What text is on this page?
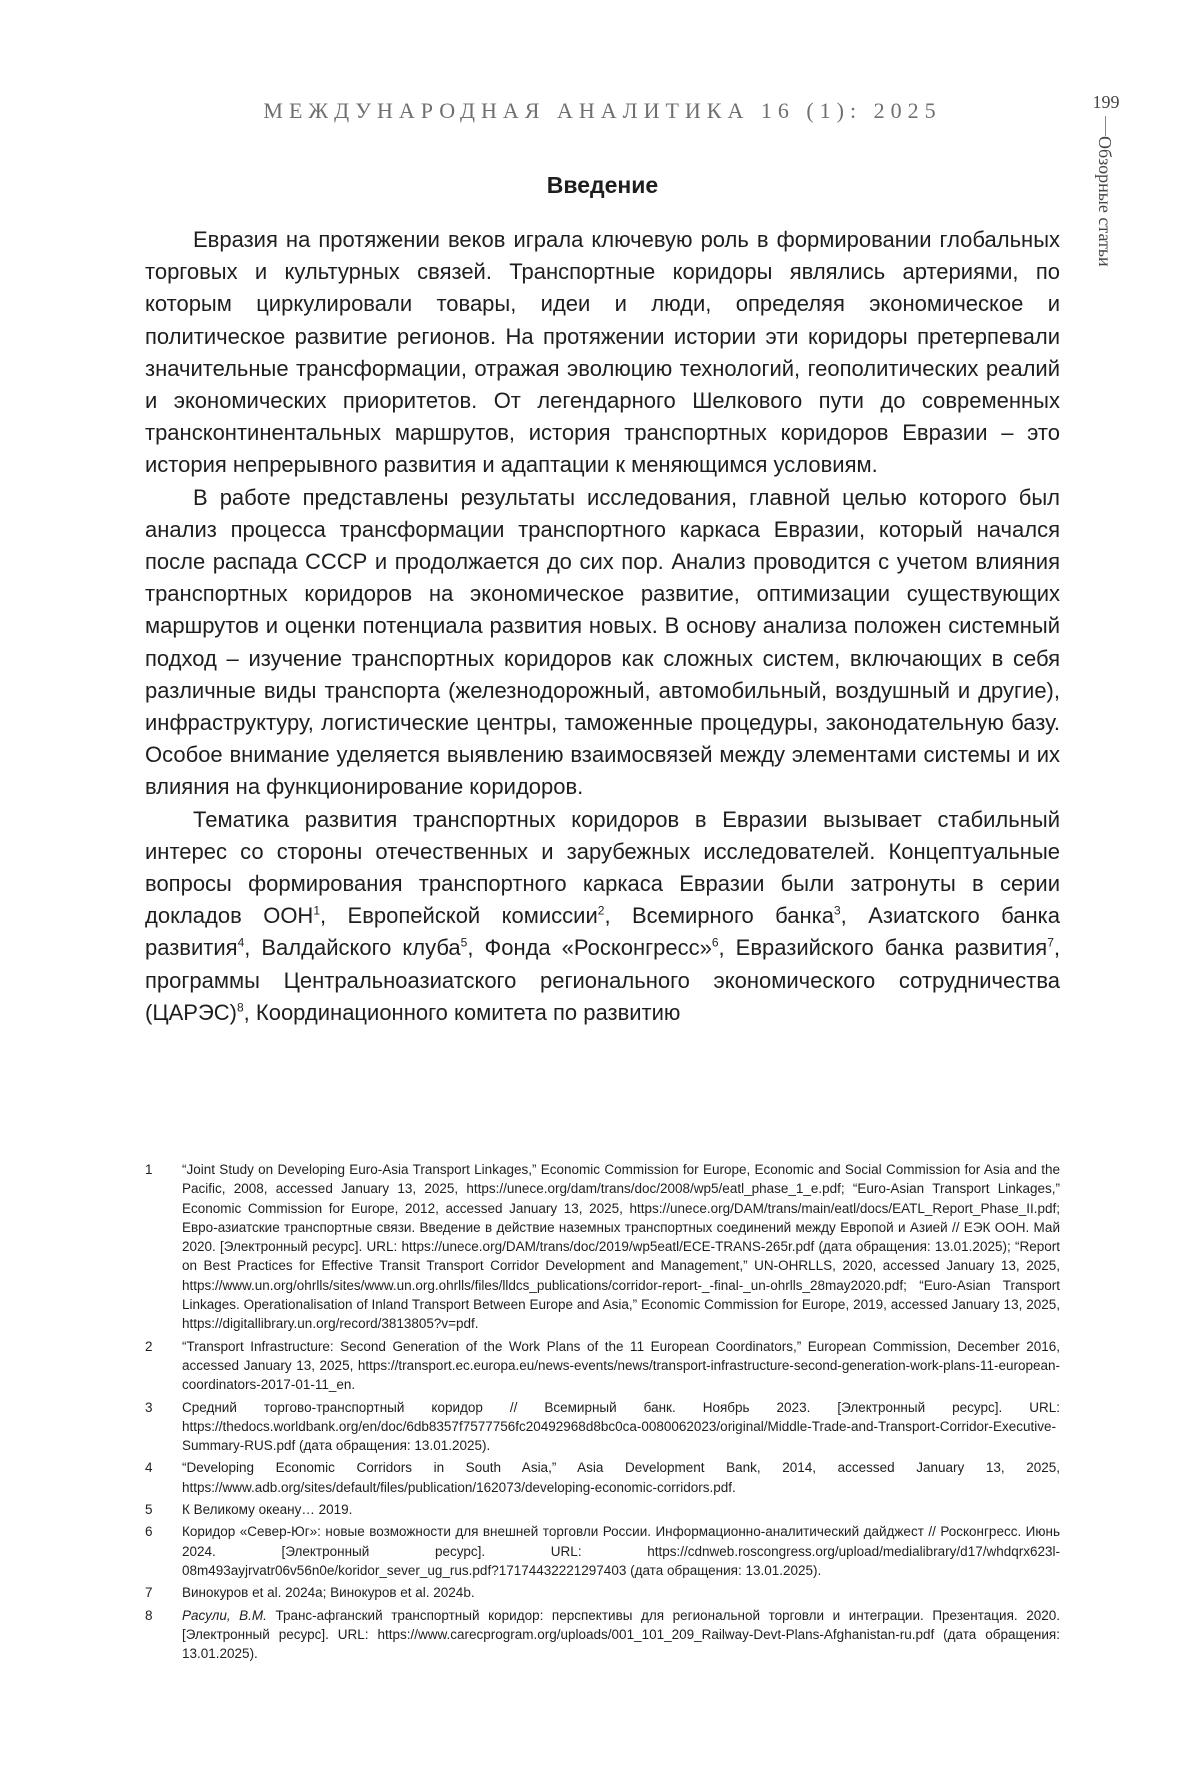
МЕЖДУНАРОДНАЯ АНАЛИТИКА 16 (1): 2025	199
Обзорные статьи
Введение

Евразия на протяжении веков играла ключевую роль в формировании глобальных торговых и культурных связей. Транспортные коридоры являлись артериями, по которым циркулировали товары, идеи и люди, определяя экономическое и политическое развитие регионов. На протяжении истории эти коридоры претерпевали значительные трансформации, отражая эволюцию технологий, геополитических реалий и экономических приоритетов. От легендарного Шелкового пути до современных трансконтинентальных маршрутов, история транспортных коридоров Евразии – это история непрерывного развития и адаптации к меняющимся условиям.

В работе представлены результаты исследования, главной целью которого был анализ процесса трансформации транспортного каркаса Евразии, который начался после распада СССР и продолжается до сих пор. Анализ проводится с учетом влияния транспортных коридоров на экономическое развитие, оптимизации существующих маршрутов и оценки потенциала развития новых. В основу анализа положен системный подход – изучение транспортных коридоров как сложных систем, включающих в себя различные виды транспорта (железнодорожный, автомобильный, воздушный и другие), инфраструктуру, логистические центры, таможенные процедуры, законодательную базу. Особое внимание уделяется выявлению взаимосвязей между элементами системы и их влияния на функционирование коридоров.

Тематика развития транспортных коридоров в Евразии вызывает стабильный интерес со стороны отечественных и зарубежных исследователей. Концептуальные вопросы формирования транспортного каркаса Евразии были затронуты в серии докладов ООН$^1$, Европейской комиссии$^2$, Всемирного банка$^3$, Азиатского банка развития$^4$, Валдайского клуба$^5$, Фонда «Росконгресс»$^6$, Евразийского банка развития$^7$, программы Центральноазиатского регионального экономического сотрудничества (ЦАРЭС)$^8$, Координационного комитета по развитию

1	“Joint Study on Developing Euro-Asia Transport Linkages,” Economic Commission for Europe, Economic and Social Commission for Asia and the Pacific, 2008, accessed January 13, 2025, https://unece.org/dam/trans/doc/2008/wp5/eatl_phase_1_e.pdf; “Euro-Asian Transport Linkages,” Economic Commission for Europe, 2012, accessed January 13, 2025, https://unece.org/DAM/trans/main/eatl/docs/EATL_Report_Phase_II.pdf; Евро-азиатские транспортные связи. Введение в действие наземных транспортных соединений между Европой и Азией // ЕЭК ООН. Май 2020. [Электронный ресурс]. URL: https://unece.org/DAM/trans/doc/2019/wp5eatl/ECE-TRANS-265r.pdf (дата обращения: 13.01.2025); “Report on Best Practices for Effective Transit Transport Corridor Development and Management,” UN-OHRLLS, 2020, accessed January 13, 2025, https://www.un.org/ohrlls/sites/www.un.org.ohrlls/files/lldcs_publications/corridor-report-_-final-_un-ohrlls_28may2020.pdf; “Euro-Asian Transport Linkages. Operationalisation of Inland Transport Between Europe and Asia,” Economic Commission for Europe, 2019, accessed January 13, 2025, https://digitallibrary.un.org/record/3813805?v=pdf.
2	“Transport Infrastructure: Second Generation of the Work Plans of the 11 European Coordinators,” European Commission, December 2016, accessed January 13, 2025, https://transport.ec.europa.eu/news-events/news/transport-infrastructure-second-generation-work-plans-11-european-coordinators-2017-01-11_en.
3	Средний торгово-транспортный коридор // Всемирный банк. Ноябрь 2023. [Электронный ресурс]. URL: https://thedocs.worldbank.org/en/doc/6db8357f7577756fc20492968d8bc0ca-0080062023/original/Middle-Trade-and-Transport-Corridor-Executive-Summary-RUS.pdf (дата обращения: 13.01.2025).
4	“Developing Economic Corridors in South Asia,” Asia Development Bank, 2014, accessed January 13, 2025, https://www.adb.org/sites/default/files/publication/162073/developing-economic-corridors.pdf.
5	К Великому океану… 2019.
6	Коридор «Север-Юг»: новые возможности для внешней торговли России. Информационно-аналитический дайджест // Росконгресс. Июнь 2024. [Электронный ресурс]. URL: https://cdnweb.roscongress.org/upload/medialibrary/d17/whdqrx623l08m493ayjrvatr06v56n0e/koridor_sever_ug_rus.pdf?17174432221297403 (дата обращения: 13.01.2025).
7	Винокуров et al. 2024a; Винокуров et al. 2024b.
8	Расули, В.М. Транс-афганский транспортный коридор: перспективы для региональной торговли и интеграции. Презентация. 2020. [Электронный ресурс]. URL: https://www.carecprogram.org/uploads/001_101_209_Railway-Devt-Plans-Afghanistan-ru.pdf (дата обращения: 13.01.2025).
